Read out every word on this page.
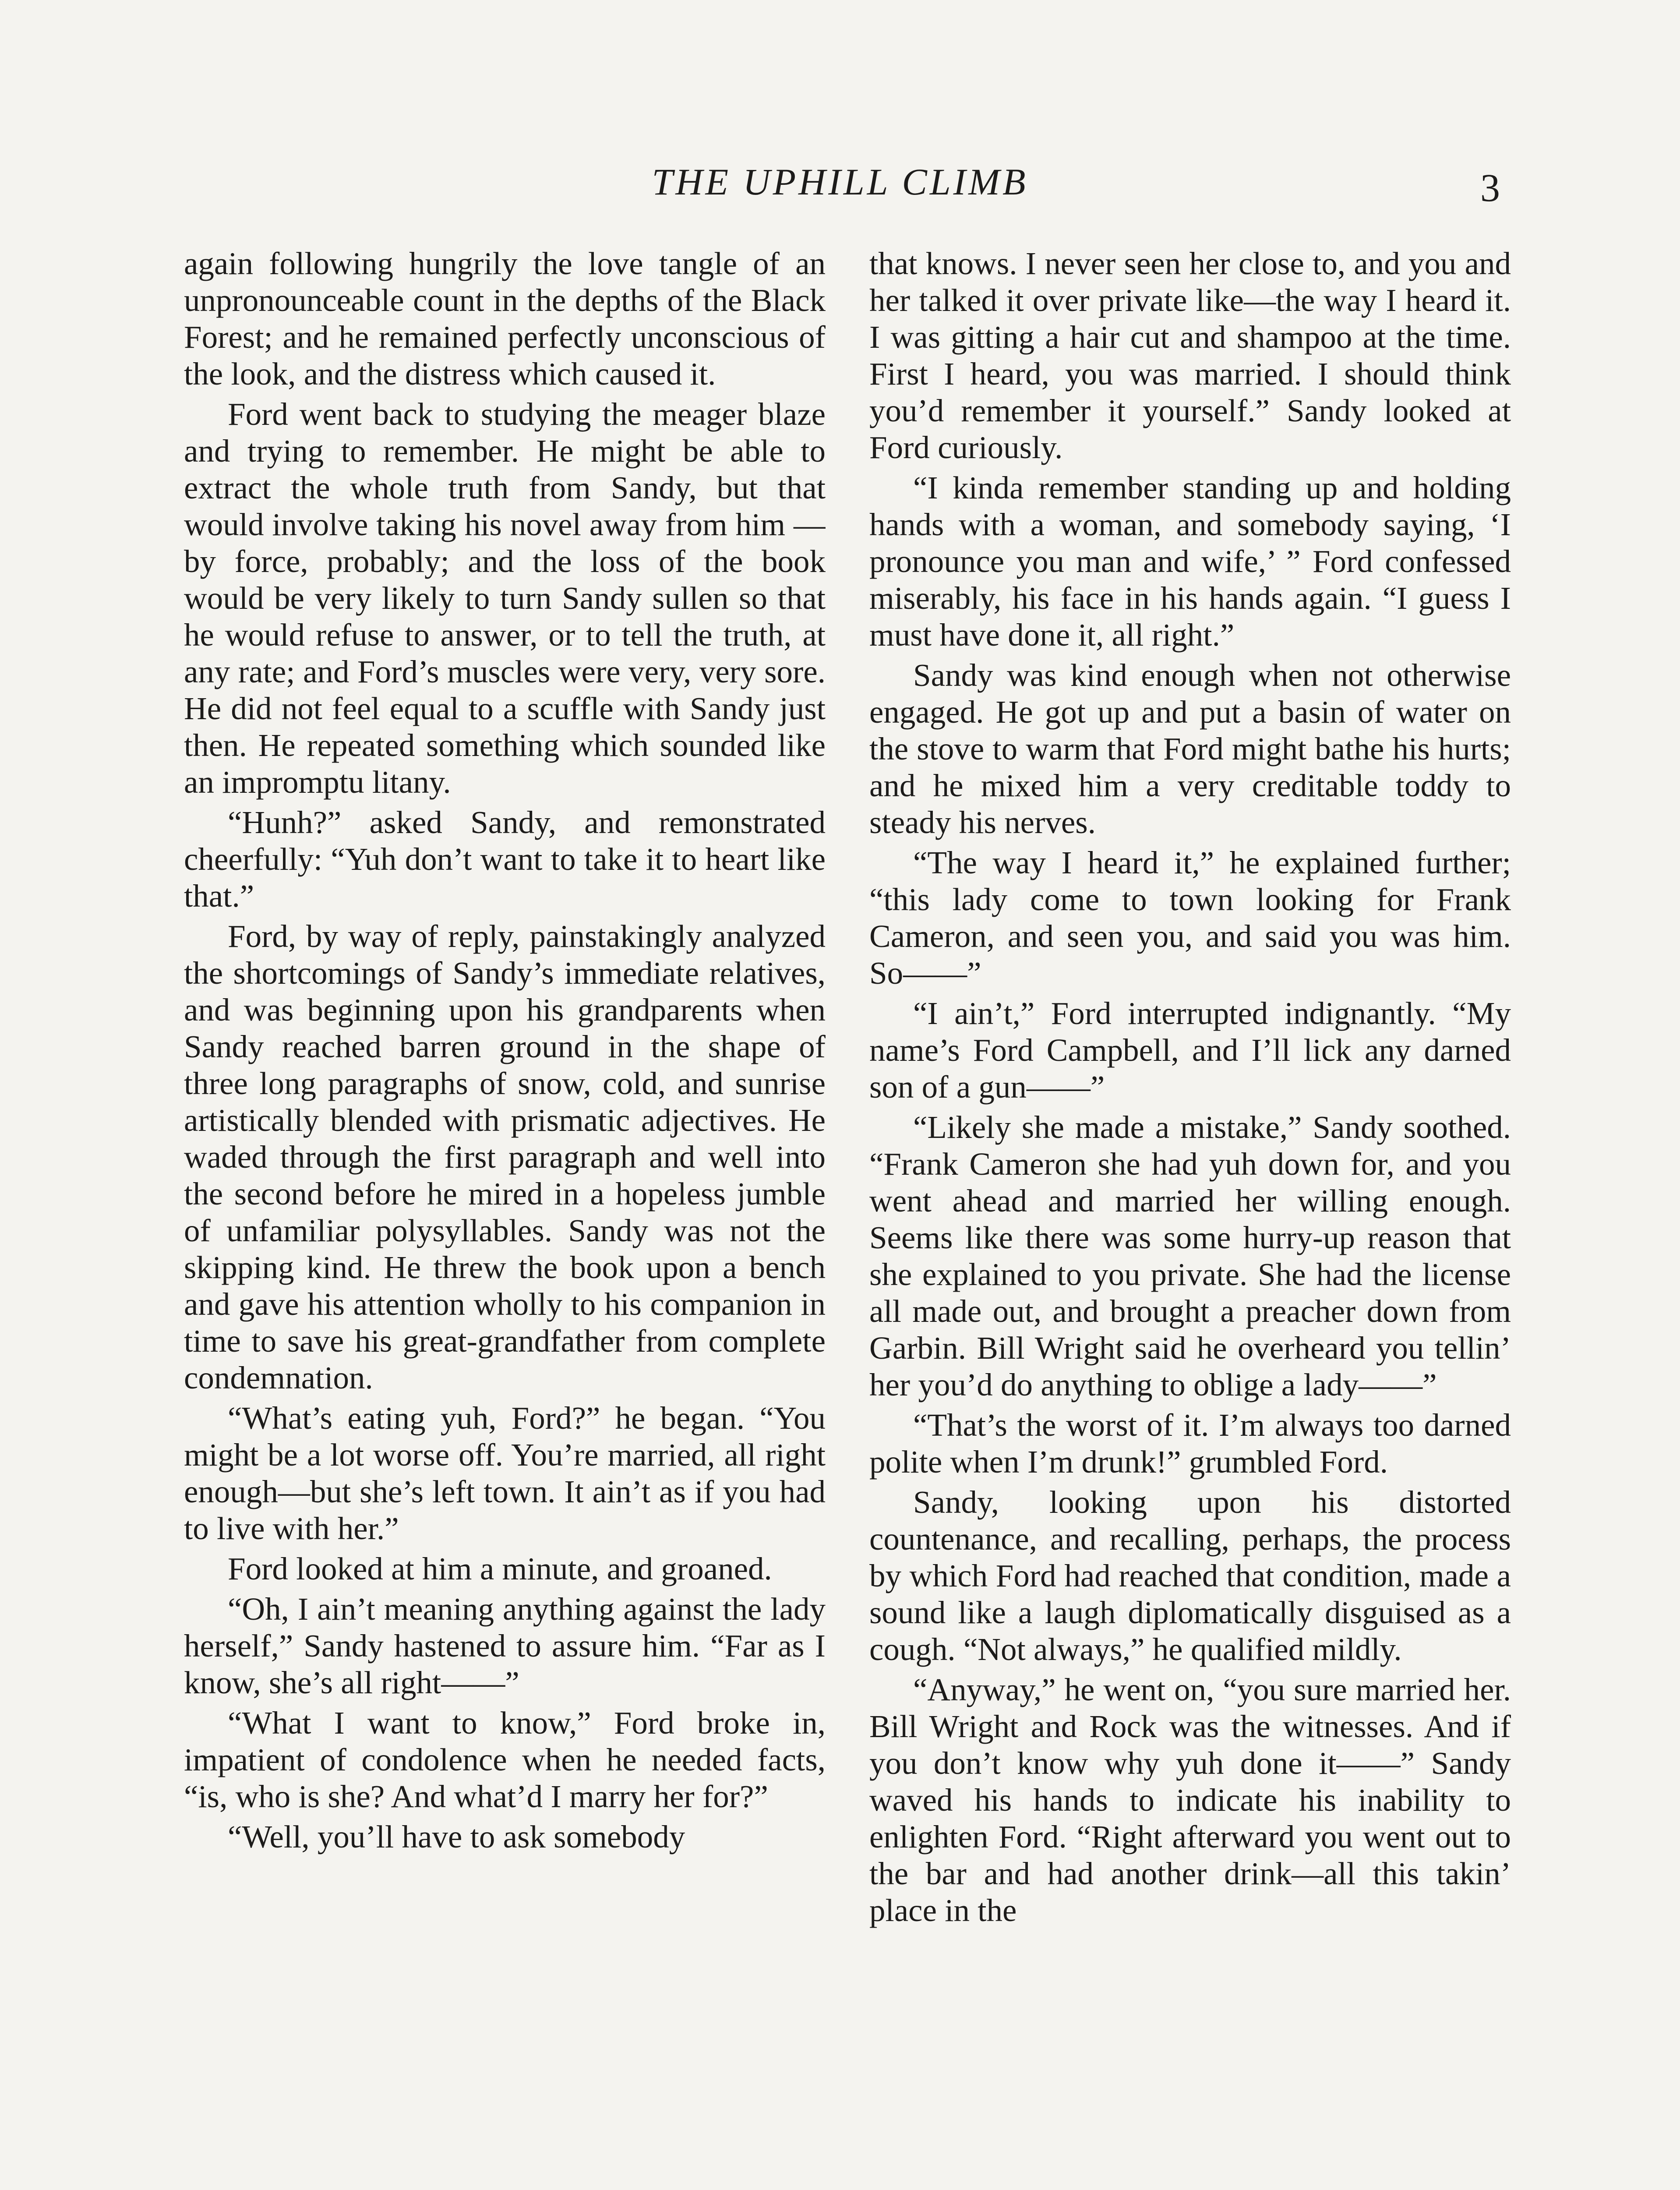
THE UPHILL CLIMB	3

again following hungrily the love tangle of an unpronounceable count in the depths of the Black Forest; and he remained perfectly unconscious of the look, and the distress which caused it.

Ford went back to studying the meager blaze and trying to remember. He might be able to extract the whole truth from Sandy, but that would involve taking his novel away from him —by force, probably; and the loss of the book would be very likely to turn Sandy sullen so that he would refuse to answer, or to tell the truth, at any rate; and Ford’s muscles were very, very sore. He did not feel equal to a scuffle with Sandy just then. He repeated something which sounded like an impromptu litany.

“Hunh?” asked Sandy, and remonstrated cheerfully: “Yuh don’t want to take it to heart like that.”

Ford, by way of reply, painstakingly analyzed the shortcomings of Sandy’s immediate relatives, and was beginning upon his grandparents when Sandy reached barren ground in the shape of three long paragraphs of snow, cold, and sunrise artistically blended with prismatic adjectives. He waded through the first paragraph and well into the second before he mired in a hopeless jumble of unfamiliar polysyllables. Sandy was not the skipping kind. He threw the book upon a bench and gave his attention wholly to his companion in time to save his great-grandfather from complete condemnation.

“What’s eating yuh, Ford?” he began. “You might be a lot worse off. You’re married, all right enough—but she’s left town. It ain’t as if you had to live with her.”

Ford looked at him a minute, and groaned.

“Oh, I ain’t meaning anything against the lady herself,” Sandy hastened to assure him. “Far as I know, she’s all right——”

“What I want to know,” Ford broke in, impatient of condolence when he needed facts, “is, who is she? And what’d I marry her for?”

“Well, you’ll have to ask somebody

that knows. I never seen her close to, and you and her talked it over private like—the way I heard it. I was gitting a hair cut and shampoo at the time. First I heard, you was married. I should think you’d remember it yourself.” Sandy looked at Ford curiously.

“I kinda remember standing up and holding hands with a woman, and somebody saying, ‘I pronounce you man and wife,’ ” Ford confessed miserably, his face in his hands again. “I guess I must have done it, all right.”

Sandy was kind enough when not otherwise engaged. He got up and put a basin of water on the stove to warm that Ford might bathe his hurts; and he mixed him a very creditable toddy to steady his nerves.

“The way I heard it,” he explained further; “this lady come to town looking for Frank Cameron, and seen you, and said you was him. So——”

“I ain’t,” Ford interrupted indignantly. “My name’s Ford Campbell, and I’ll lick any darned son of a gun——”

“Likely she made a mistake,” Sandy soothed. “Frank Cameron she had yuh down for, and you went ahead and married her willing enough. Seems like there was some hurry-up reason that she explained to you private. She had the license all made out, and brought a preacher down from Garbin. Bill Wright said he overheard you tellin’ her you’d do anything to oblige a lady——”

“That’s the worst of it. I’m always too darned polite when I’m drunk!” grumbled Ford.

Sandy, looking upon his distorted countenance, and recalling, perhaps, the process by which Ford had reached that condition, made a sound like a laugh diplomatically disguised as a cough. “Not always,” he qualified mildly.

“Anyway,” he went on, “you sure married her. Bill Wright and Rock was the witnesses. And if you don’t know why yuh done it——” Sandy waved his hands to indicate his inability to enlighten Ford. “Right afterward you went out to the bar and had another drink—all this takin’ place in the
